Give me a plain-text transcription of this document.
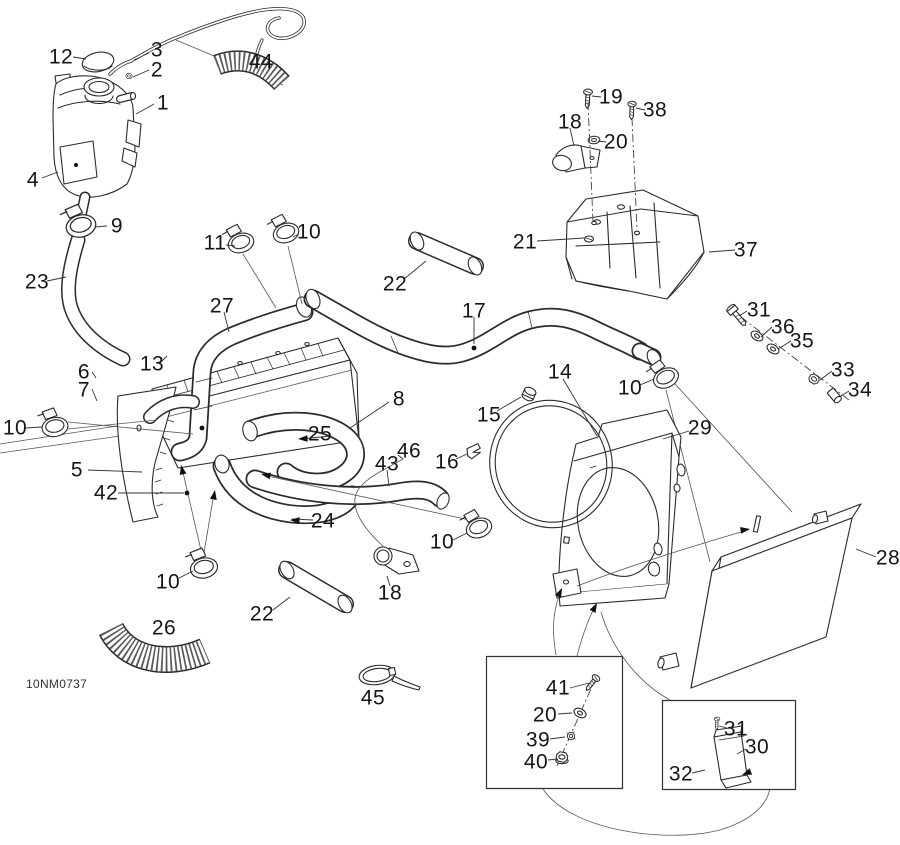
12	3
2
1
44
4
9
11	10
23
27
22
17
19
18
38
20
21	37
13
6
7
10
8
14
15
31
36
35
33
34
10
29
25
46
43 16
5
42
24
10
28
10	18
22
26
45	41
20
39
40
31
30
32
10NM0737
